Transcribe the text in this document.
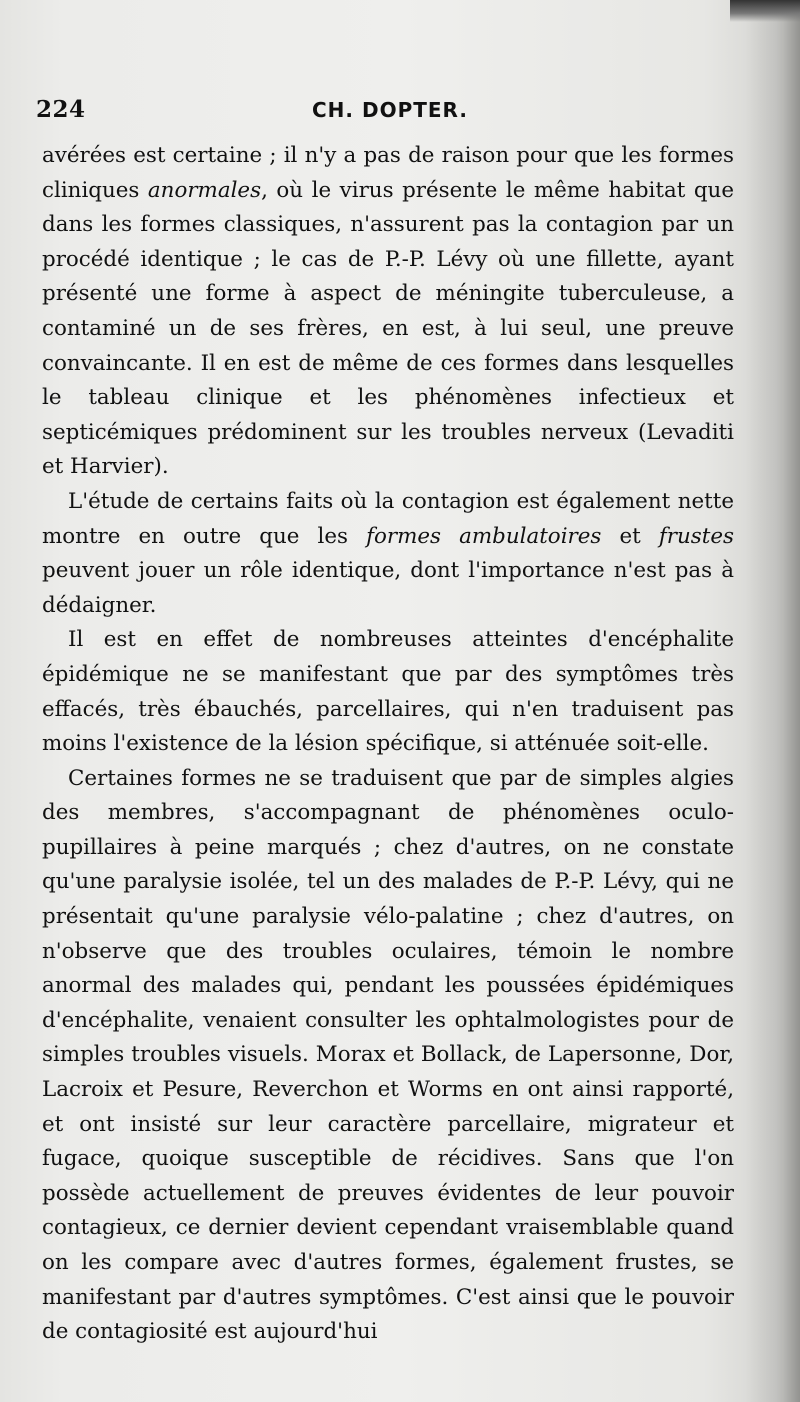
224	CH. DOPTER.

avérées est certaine ; il n'y a pas de raison pour que les formes cliniques anormales, où le virus présente le même habitat que dans les formes classiques, n'assurent pas la contagion par un procédé identique ; le cas de P.-P. Lévy où une fillette, ayant présenté une forme à aspect de méningite tuberculeuse, a contaminé un de ses frères, en est, à lui seul, une preuve convaincante. Il en est de même de ces formes dans lesquelles le tableau clinique et les phénomènes infectieux et septicémiques prédominent sur les troubles nerveux (Levaditi et Harvier).

L'étude de certains faits où la contagion est également nette montre en outre que les formes ambulatoires et frustes peuvent jouer un rôle identique, dont l'importance n'est pas à dédaigner.

Il est en effet de nombreuses atteintes d'encéphalite épidémique ne se manifestant que par des symptômes très effacés, très ébauchés, parcellaires, qui n'en traduisent pas moins l'existence de la lésion spécifique, si atténuée soit-elle.

Certaines formes ne se traduisent que par de simples algies des membres, s'accompagnant de phénomènes oculo-pupillaires à peine marqués ; chez d'autres, on ne constate qu'une paralysie isolée, tel un des malades de P.-P. Lévy, qui ne présentait qu'une paralysie vélo-palatine ; chez d'autres, on n'observe que des troubles oculaires, témoin le nombre anormal des malades qui, pendant les poussées épidémiques d'encéphalite, venaient consulter les ophtalmologistes pour de simples troubles visuels. Morax et Bollack, de Lapersonne, Dor, Lacroix et Pesure, Reverchon et Worms en ont ainsi rapporté, et ont insisté sur leur caractère parcellaire, migrateur et fugace, quoique susceptible de récidives. Sans que l'on possède actuellement de preuves évidentes de leur pouvoir contagieux, ce dernier devient cependant vraisemblable quand on les compare avec d'autres formes, également frustes, se manifestant par d'autres symptômes. C'est ainsi que le pouvoir de contagiosité est aujourd'hui
